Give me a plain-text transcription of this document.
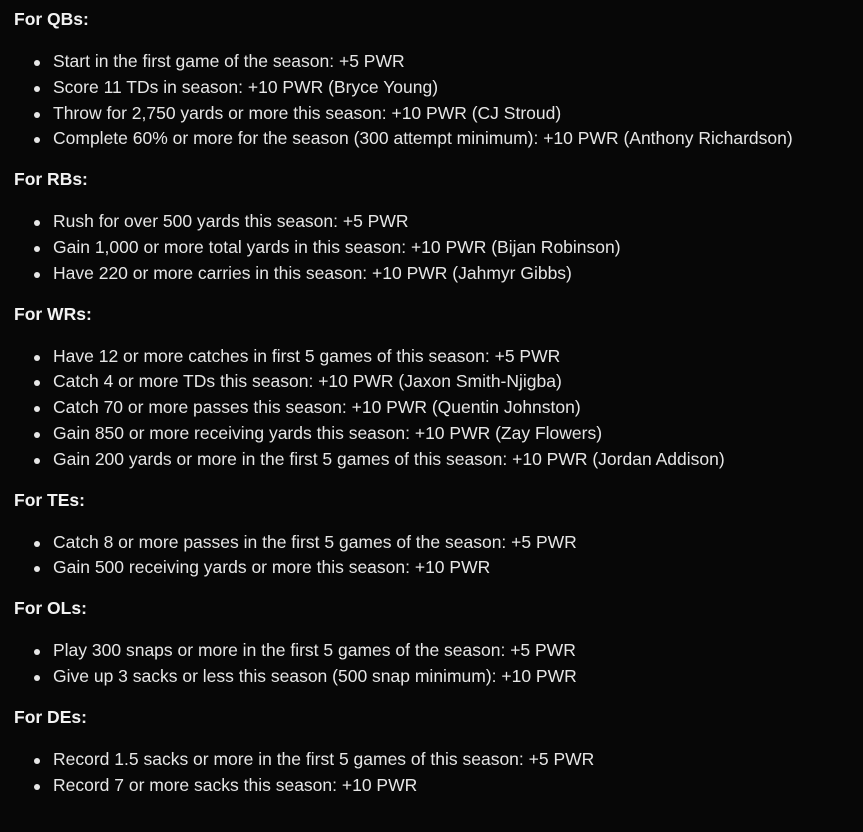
For QBs:

Start in the first game of the season: +5 PWR
Score 11 TDs in season: +10 PWR (Bryce Young)
Throw for 2,750 yards or more this season: +10 PWR (CJ Stroud)
Complete 60% or more for the season (300 attempt minimum): +10 PWR (Anthony Richardson)

For RBs:

Rush for over 500 yards this season: +5 PWR
Gain 1,000 or more total yards in this season: +10 PWR (Bijan Robinson)
Have 220 or more carries in this season: +10 PWR (Jahmyr Gibbs)

For WRs:

Have 12 or more catches in first 5 games of this season: +5 PWR
Catch 4 or more TDs this season: +10 PWR (Jaxon Smith-Njigba)
Catch 70 or more passes this season: +10 PWR (Quentin Johnston)
Gain 850 or more receiving yards this season: +10 PWR (Zay Flowers)
Gain 200 yards or more in the first 5 games of this season: +10 PWR (Jordan Addison)

For TEs:

Catch 8 or more passes in the first 5 games of the season: +5 PWR
Gain 500 receiving yards or more this season: +10 PWR

For OLs:

Play 300 snaps or more in the first 5 games of the season: +5 PWR
Give up 3 sacks or less this season (500 snap minimum): +10 PWR

For DEs:

Record 1.5 sacks or more in the first 5 games of this season: +5 PWR
Record 7 or more sacks this season: +10 PWR
